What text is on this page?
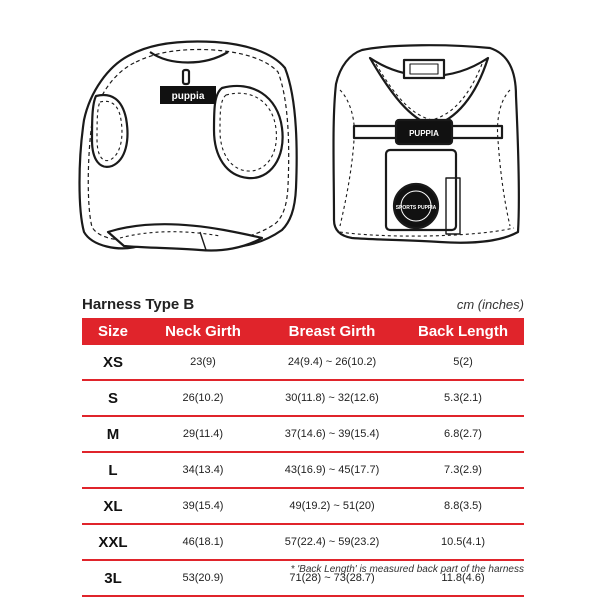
puppia
PUPPIA
SPORTS PUPPIA
Harness Type B	cm (inches)
Size	Neck Girth	Breast Girth	Back Length
XS	23(9)	24(9.4) ~ 26(10.2)	5(2)
S	26(10.2)	30(11.8) ~ 32(12.6)	5.3(2.1)
M	29(11.4)	37(14.6) ~ 39(15.4)	6.8(2.7)
L	34(13.4)	43(16.9) ~ 45(17.7)	7.3(2.9)
XL	39(15.4)	49(19.2) ~ 51(20)	8.8(3.5)
XXL	46(18.1)	57(22.4) ~ 59(23.2)	10.5(4.1)
3L	53(20.9)	71(28) ~ 73(28.7)	11.8(4.6)
* 'Back Length' is measured back part of the harness
